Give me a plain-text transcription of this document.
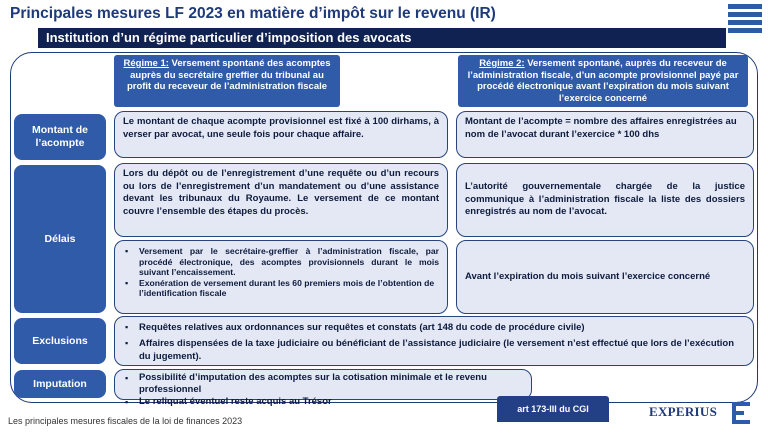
Principales mesures LF 2023 en matière d’impôt sur le revenu (IR)
Institution d’un régime particulier d’imposition des avocats
Régime 1: Versement spontané des acomptes auprès du secrétaire greffier du tribunal au profit du receveur de l’administration fiscale
Régime 2: Versement spontané, auprès du receveur de l’administration fiscale, d’un acompte provisionnel payé par procédé électronique avant l’expiration du mois suivant l’exercice concerné
Montant de l’acompte
Le montant de chaque acompte provisionnel est fixé à 100 dirhams, à verser par avocat, une seule fois pour chaque affaire.
Montant de l’acompte = nombre des affaires enregistrées au nom de l’avocat durant l’exercice * 100 dhs
Délais
Lors du dépôt ou de l’enregistrement d’une requête ou d’un recours ou lors de l’enregistrement d’un mandatement ou d’une assistance devant les tribunaux du Royaume. Le versement de ce montant couvre l’ensemble des étapes du procès.
▪ Versement par le secrétaire-greffier à l’administration fiscale, par procédé électronique, des acomptes provisionnels durant le mois suivant l’encaissement.
▪ Exonération de versement durant les 60 premiers mois de l’obtention de l’identification fiscale
L’autorité gouvernementale chargée de la justice communique à l’administration fiscale la liste des dossiers enregistrés au nom de l’avocat.
Avant l’expiration du mois suivant l’exercice concerné
Exclusions
▪ Requêtes relatives aux ordonnances sur requêtes et constats (art 148 du code de procédure civile)
▪ Affaires dispensées de la taxe judiciaire ou bénéficiant de l’assistance judiciaire (le versement n’est effectué que lors de l’exécution du jugement).
Imputation
▪	Possibilité d’imputation des acomptes sur la cotisation minimale et le revenu professionnel
▪ Le reliquat éventuel reste acquis au Trésor
Les principales mesures fiscales de la loi de finances 2023
art 173-III du CGI	EXPERIUS
